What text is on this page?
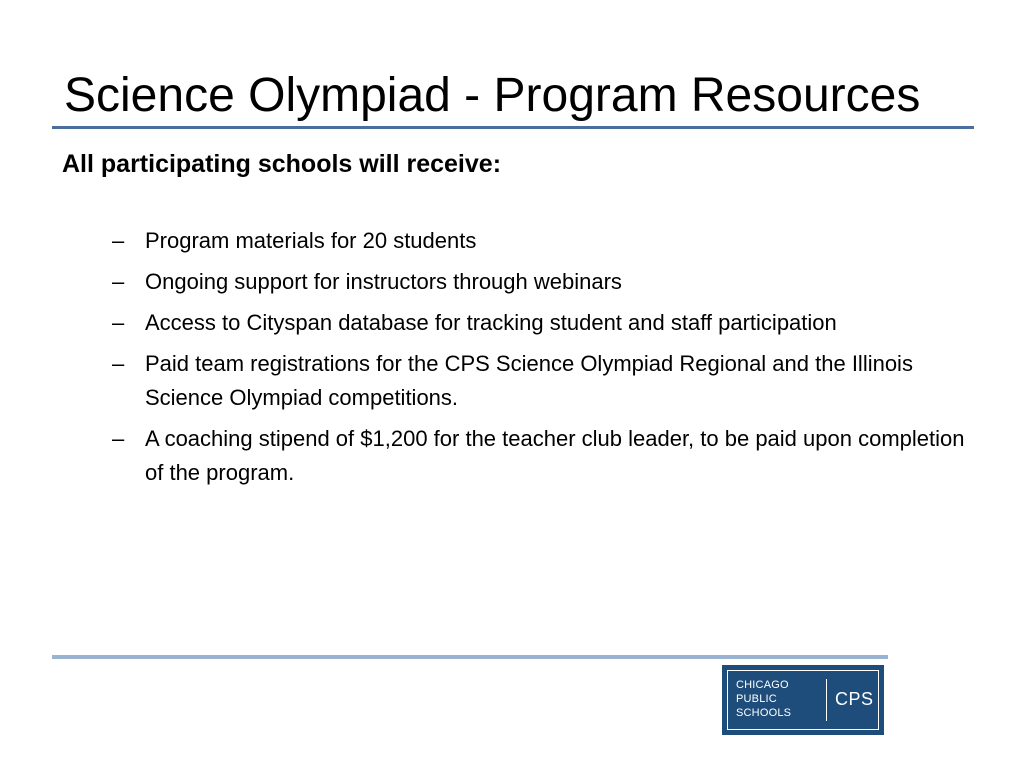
Science Olympiad - Program Resources
All participating schools will receive:
– Program materials for 20 students
– Ongoing support for instructors through webinars
– Access to Cityspan database for tracking student and staff participation
– Paid team registrations for the CPS Science Olympiad Regional and the Illinois Science Olympiad competitions.
– A coaching stipend of $1,200 for the teacher club leader, to be paid upon completion of the program.
CHICAGO
PUBLIC
SCHOOLS
CPS
